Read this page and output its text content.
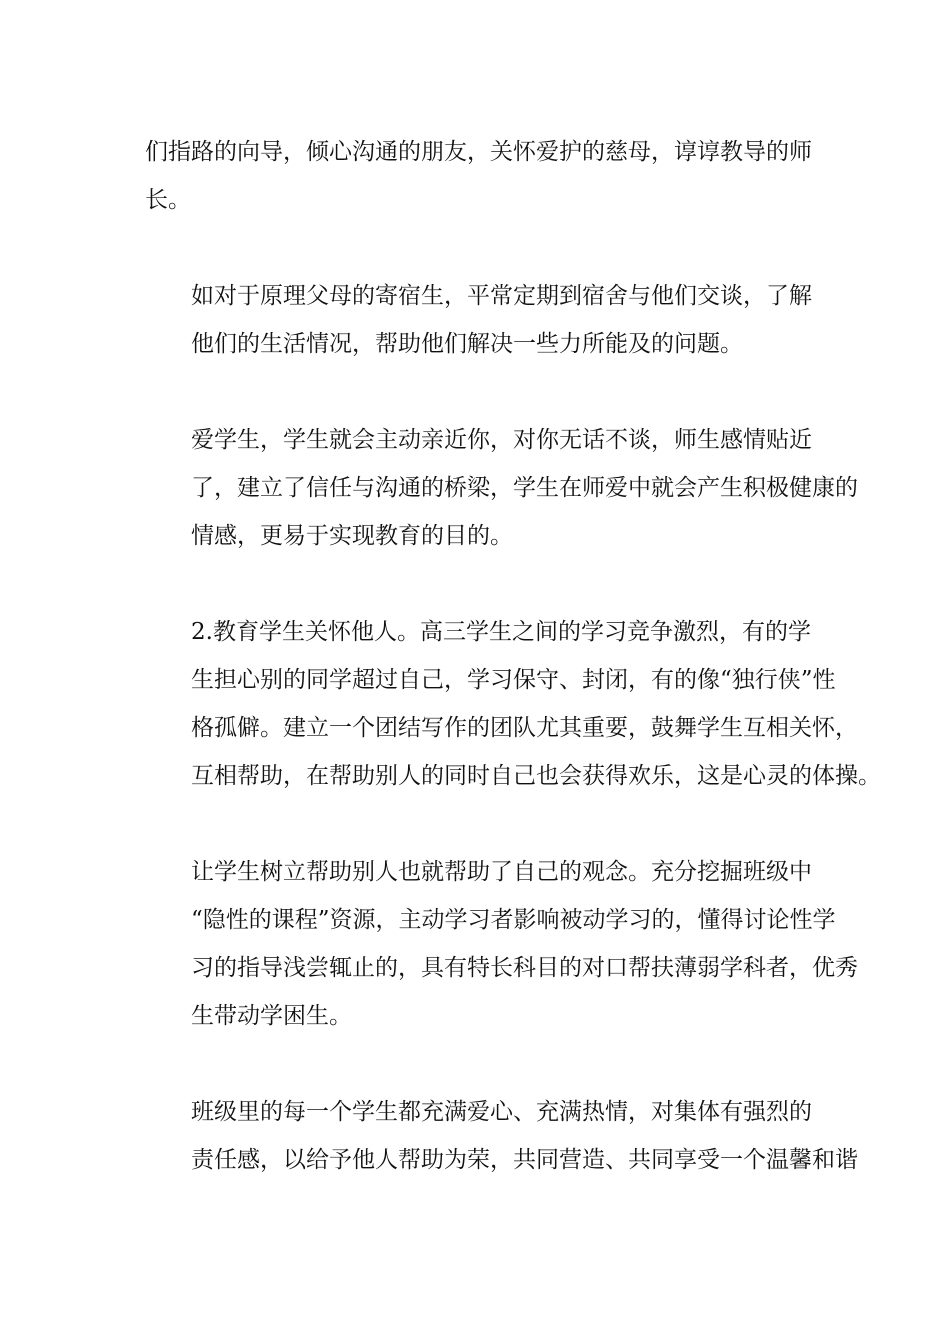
们指路的向导，倾心沟通的朋友，关怀爱护的慈母，谆谆教导的师
长。

如对于原理父母的寄宿生，平常定期到宿舍与他们交谈，了解
他们的生活情况，帮助他们解决一些力所能及的问题。

爱学生，学生就会主动亲近你，对你无话不谈，师生感情贴近
了，建立了信任与沟通的桥梁，学生在师爱中就会产生积极健康的
情感，更易于实现教育的目的。

2.教育学生关怀他人。高三学生之间的学习竞争激烈，有的学
生担心别的同学超过自己，学习保守、封闭，有的像“独行侠”性
格孤僻。建立一个团结写作的团队尤其重要，鼓舞学生互相关怀，
互相帮助，在帮助别人的同时自己也会获得欢乐，这是心灵的体操。

让学生树立帮助别人也就帮助了自己的观念。充分挖掘班级中
“隐性的课程”资源，主动学习者影响被动学习的，懂得讨论性学
习的指导浅尝辄止的，具有特长科目的对口帮扶薄弱学科者，优秀
生带动学困生。

班级里的每一个学生都充满爱心、充满热情，对集体有强烈的
责任感，以给予他人帮助为荣，共同营造、共同享受一个温馨和谐
